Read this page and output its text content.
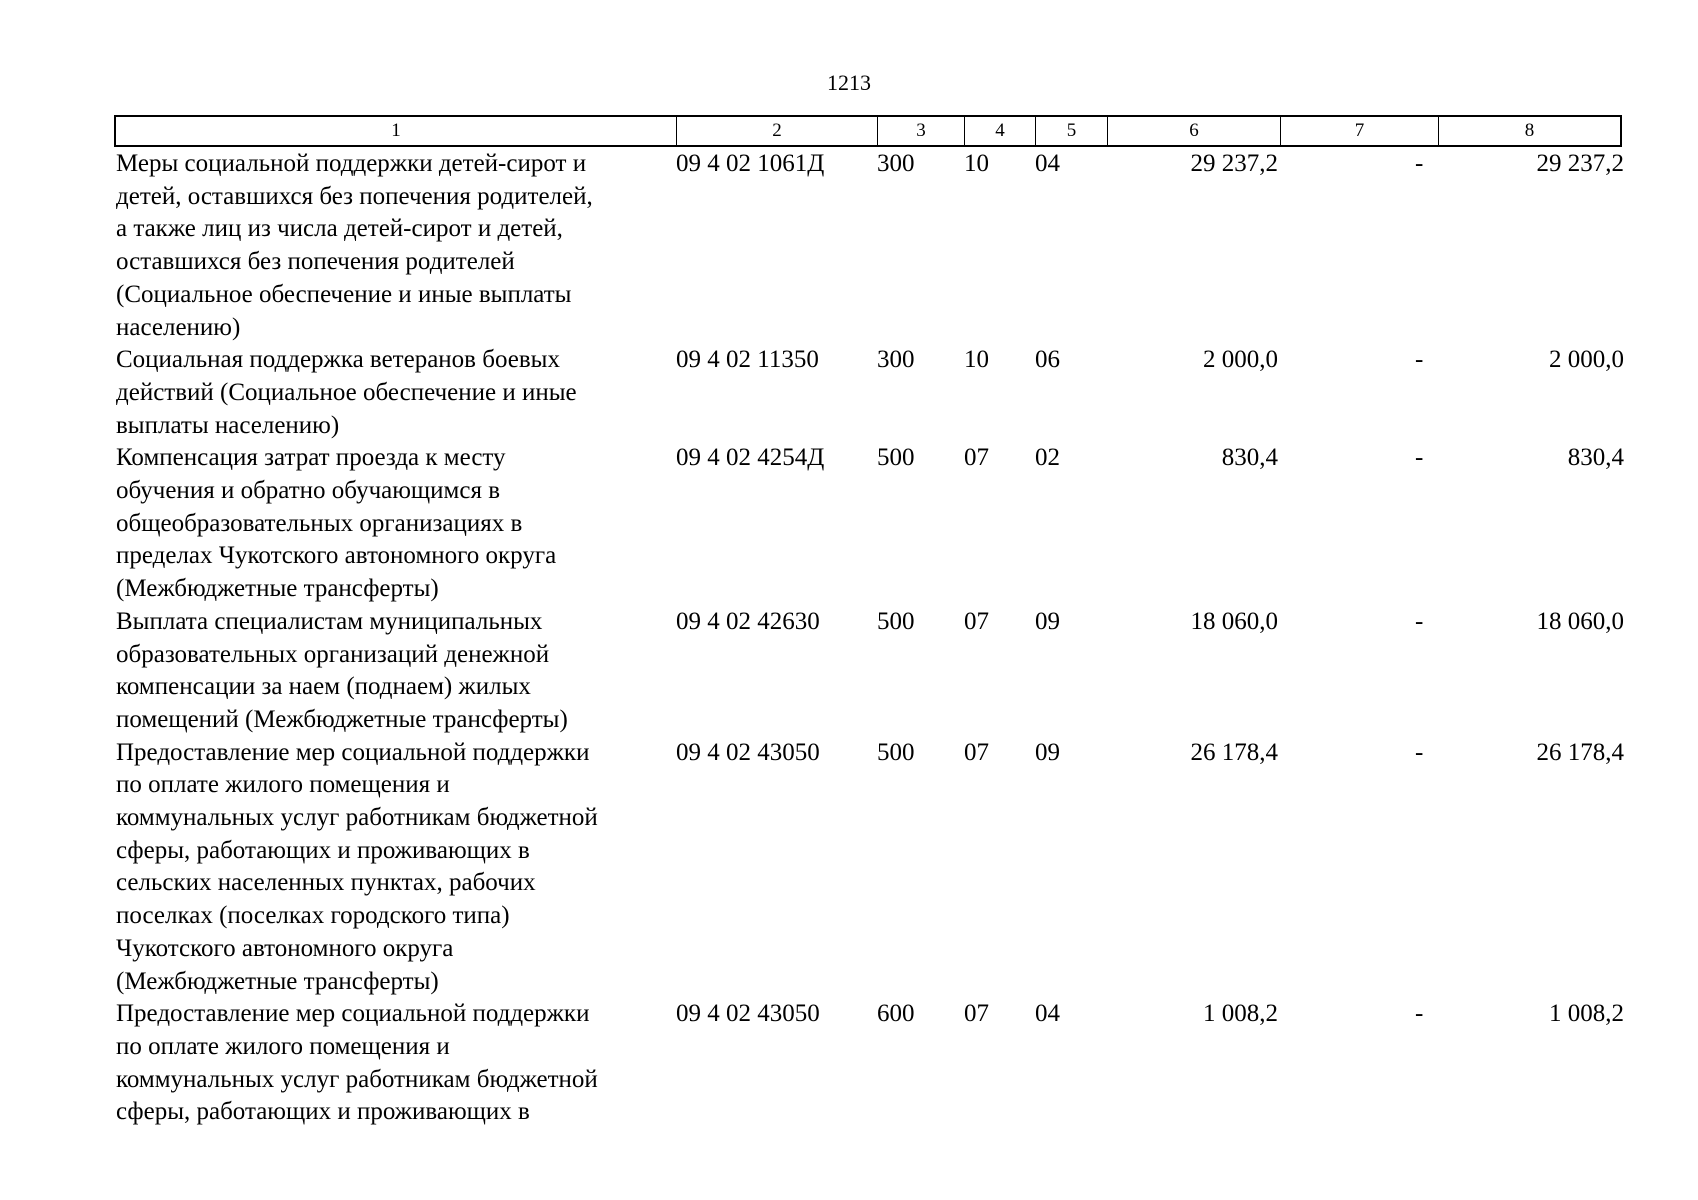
1213
1	2	3	4	5	6	7	8
Меры социальной поддержки детей-сирот и
детей, оставшихся без попечения родителей,
а также лиц из числа детей-сирот и детей,
оставшихся без попечения родителей
(Социальное обеспечение и иные выплаты
населению)
09 4 02 1061Д	300	10	04	29 237,2	-	29 237,2
Социальная поддержка ветеранов боевых
действий (Социальное обеспечение и иные
выплаты населению)
09 4 02 11350	300	10	06	2 000,0	-	2 000,0
Компенсация затрат проезда к месту
обучения и обратно обучающимся в
общеобразовательных организациях в
пределах Чукотского автономного округа
(Межбюджетные трансферты)
09 4 02 4254Д	500	07	02	830,4	-	830,4
Выплата специалистам муниципальных
образовательных организаций денежной
компенсации за наем (поднаем) жилых
помещений (Межбюджетные трансферты)
09 4 02 42630	500	07	09	18 060,0	-	18 060,0
Предоставление мер социальной поддержки
по оплате жилого помещения и
коммунальных услуг работникам бюджетной
сферы, работающих и проживающих в
сельских населенных пунктах, рабочих
поселках (поселках городского типа)
Чукотского автономного округа
(Межбюджетные трансферты)
09 4 02 43050	500	07	09	26 178,4	-	26 178,4
Предоставление мер социальной поддержки
по оплате жилого помещения и
коммунальных услуг работникам бюджетной
сферы, работающих и проживающих в
09 4 02 43050	600	07	04	1 008,2	-	1 008,2
